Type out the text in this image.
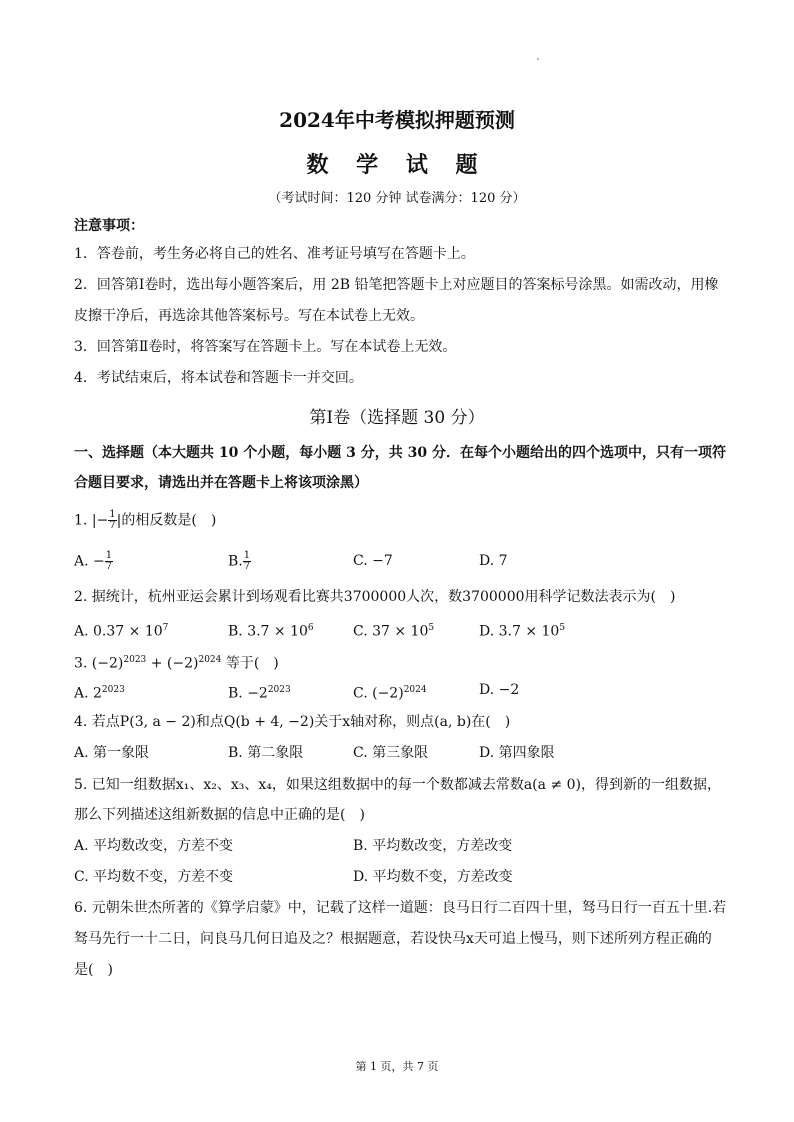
2024年中考模拟押题预测
数 学 试 题
（考试时间：120 分钟 试卷满分：120 分）
注意事项：
1．答卷前，考生务必将自己的姓名、准考证号填写在答题卡上。
2．回答第Ⅰ卷时，选出每小题答案后，用 2B 铅笔把答题卡上对应题目的答案标号涂黑。如需改动，用橡
皮擦干净后，再选涂其他答案标号。写在本试卷上无效。
3．回答第Ⅱ卷时，将答案写在答题卡上。写在本试卷上无效。
4．考试结束后，将本试卷和答题卡一并交回。
第Ⅰ卷（选择题 30 分）
一、选择题（本大题共 10 个小题，每小题 3 分，共 30 分．在每个小题给出的四个选项中，只有一项符
合题目要求，请选出并在答题卡上将该项涂黑）
1. |− $\frac{1}{7}$ |的相反数是(　)
A. − $\frac{1}{7}$	B. $\frac{1}{7}$	C. −7	D. 7
2. 据统计，杭州亚运会累计到场观看比赛共3700000人次，数3700000用科学记数法表示为(　)
A. $0.37 \times 10^7$	B. $3.7 \times 10^6$	C. $37 \times 10^5$	D. $3.7 \times 10^5$
3. $(-2)^{2023} + (-2)^{2024}$ 等于(　)
A. $2^{2023}$	B. $-2^{2023}$	C. $(-2)^{2024}$	D. −2
4. 若点P(3, a − 2)和点Q(b + 4, −2)关于x轴对称，则点(a, b)在(　)
A. 第一象限	B. 第二象限	C. 第三象限	D. 第四象限
5. 已知一组数据x₁、x₂、x₃、x₄，如果这组数据中的每一个数都减去常数a(a ≠ 0)，得到新的一组数据，
那么下列描述这组新数据的信息中正确的是(　)
A. 平均数改变，方差不变	B. 平均数改变，方差改变
C. 平均数不变，方差不变	D. 平均数不变，方差改变
6. 元朝朱世杰所著的《算学启蒙》中，记载了这样一道题：良马日行二百四十里，驽马日行一百五十里.若
驽马先行一十二日，问良马几何日追及之？根据题意，若设快马x天可追上慢马，则下述所列方程正确的
是(　)
第 1 页，共 7 页
